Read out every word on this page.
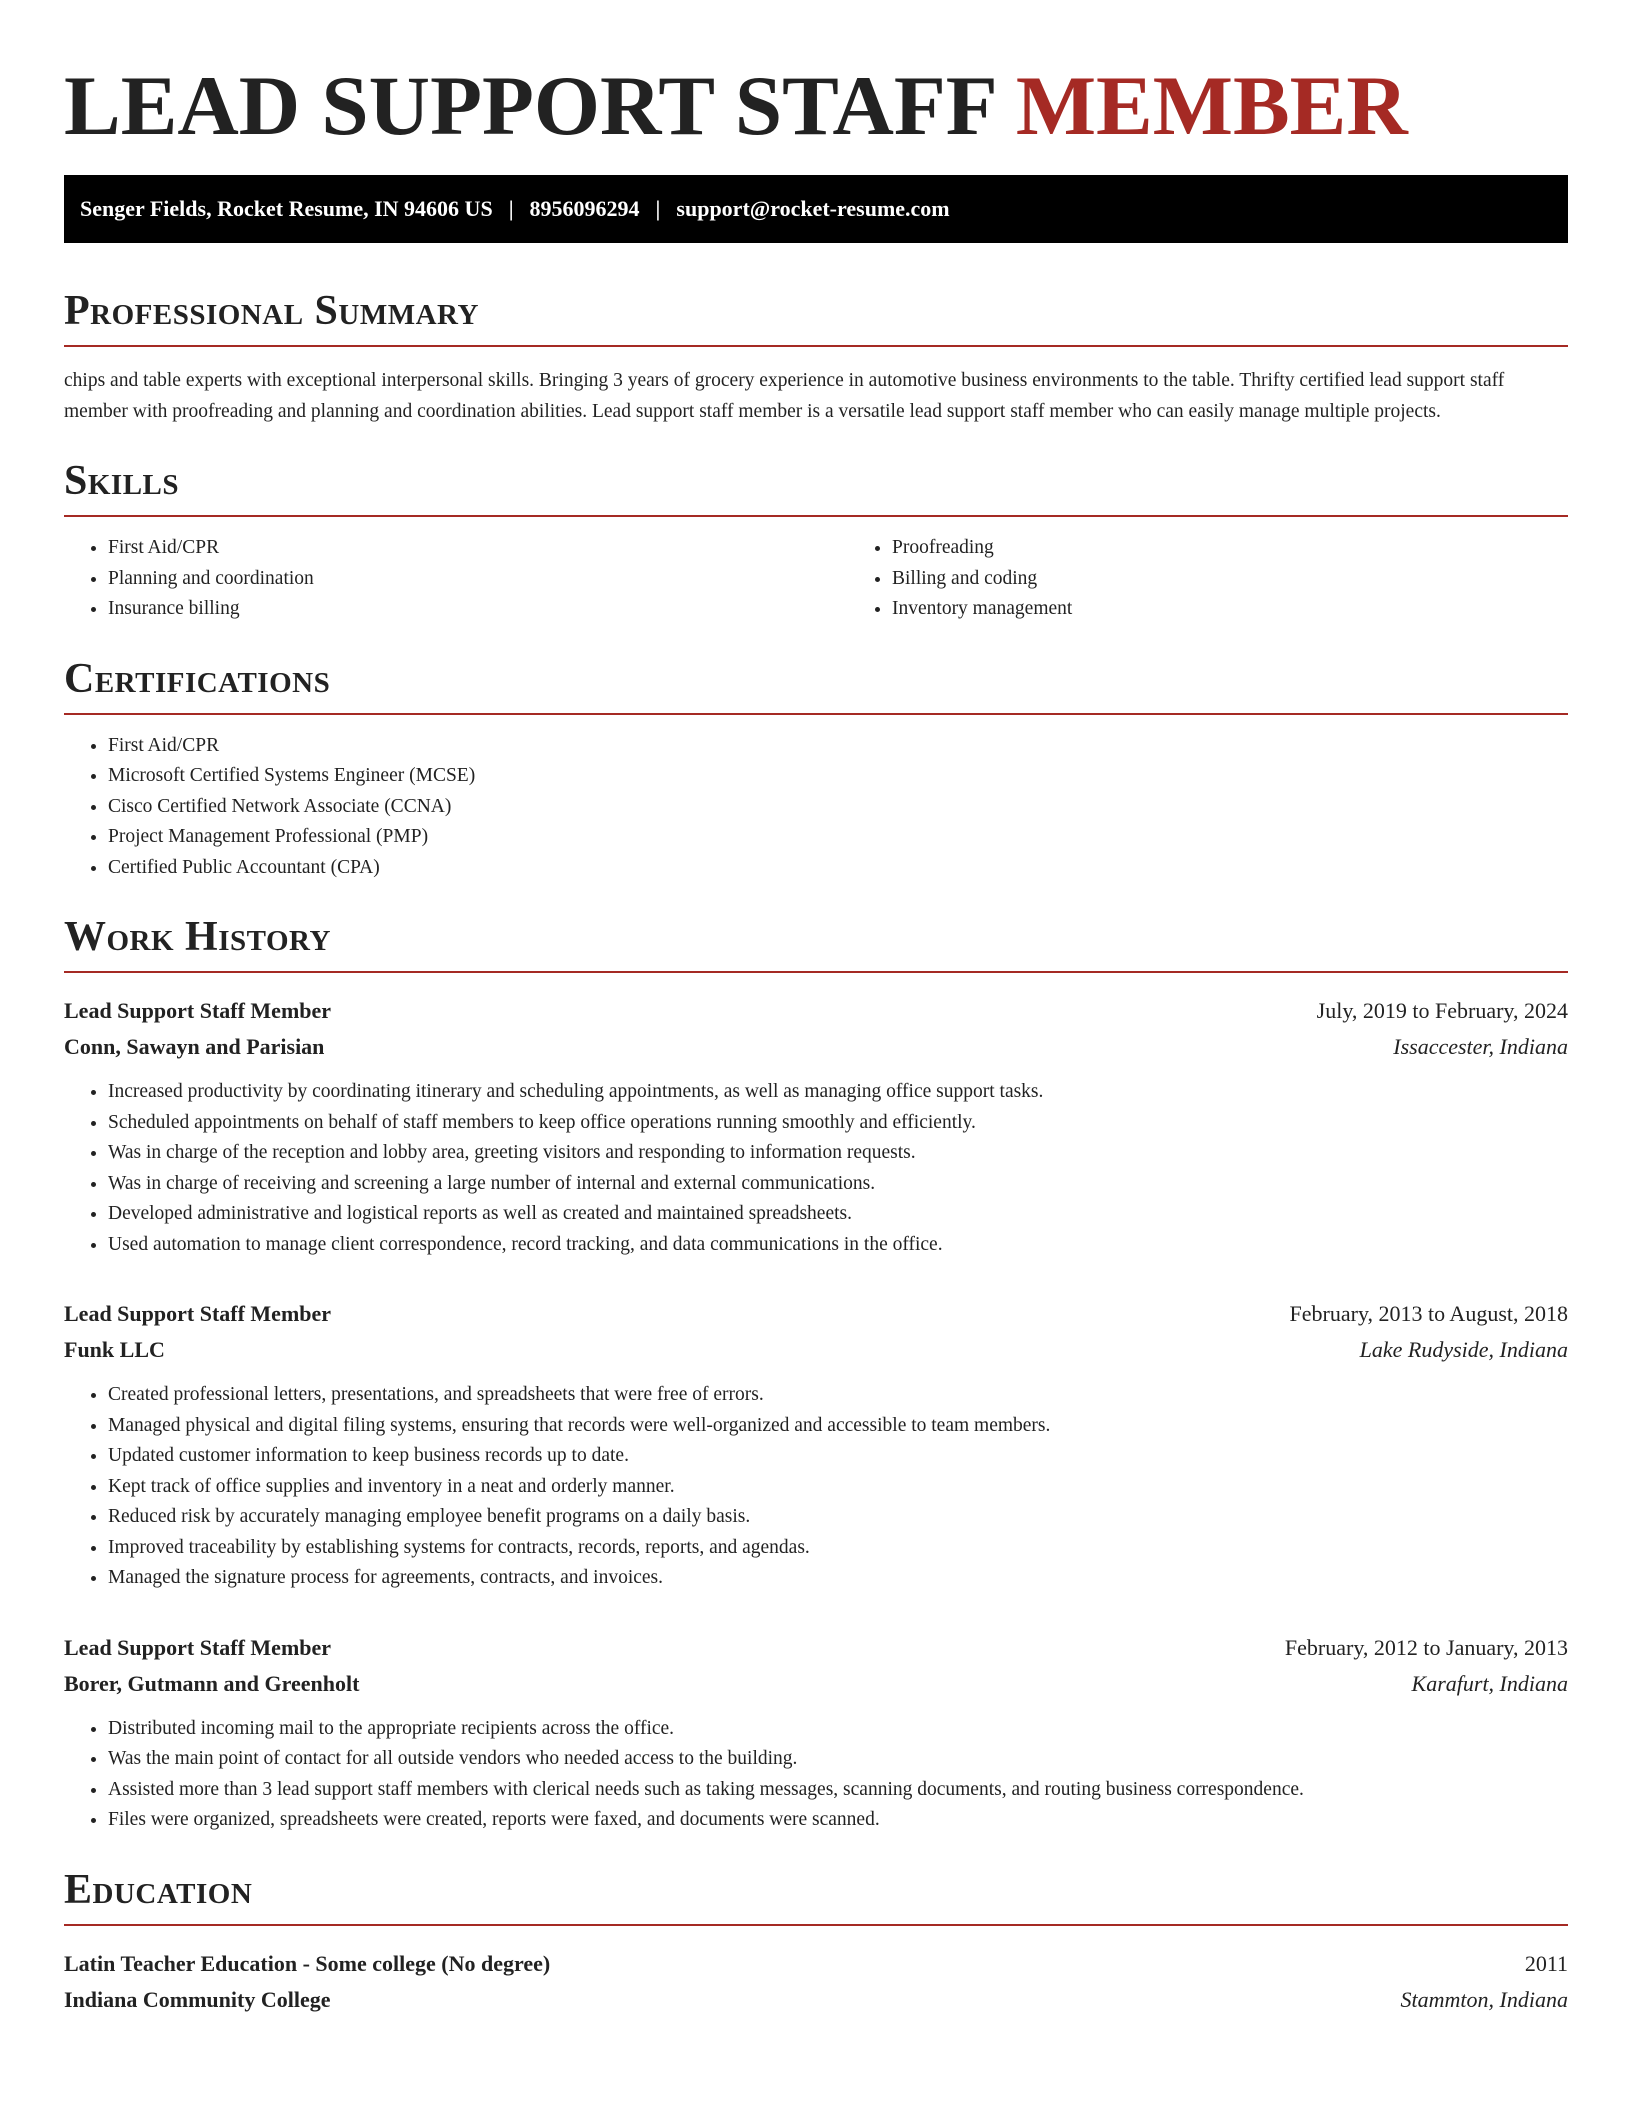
LEAD SUPPORT STAFF MEMBER
Senger Fields, Rocket Resume, IN 94606 US | 8956096294 | support@rocket-resume.com
Professional Summary

chips and table experts with exceptional interpersonal skills. Bringing 3 years of grocery experience in automotive business environments to the table. Thrifty certified lead support staff member with proofreading and planning and coordination abilities. Lead support staff member is a versatile lead support staff member who can easily manage multiple projects.

Skills
• First Aid/CPR
• Planning and coordination
• Insurance billing
• Proofreading
• Billing and coding
• Inventory management
Certifications
• First Aid/CPR
• Microsoft Certified Systems Engineer (MCSE)
• Cisco Certified Network Associate (CCNA)
• Project Management Professional (PMP)
• Certified Public Accountant (CPA)
Work History
Lead Support Staff Member	July, 2019 to February, 2024
Conn, Sawayn and Parisian	Issaccester, Indiana
• Increased productivity by coordinating itinerary and scheduling appointments, as well as managing office support tasks.
• Scheduled appointments on behalf of staff members to keep office operations running smoothly and efficiently.
• Was in charge of the reception and lobby area, greeting visitors and responding to information requests.
• Was in charge of receiving and screening a large number of internal and external communications.
• Developed administrative and logistical reports as well as created and maintained spreadsheets.
• Used automation to manage client correspondence, record tracking, and data communications in the office.
Lead Support Staff Member	February, 2013 to August, 2018
Funk LLC	Lake Rudyside, Indiana
• Created professional letters, presentations, and spreadsheets that were free of errors.
• Managed physical and digital filing systems, ensuring that records were well-organized and accessible to team members.
• Updated customer information to keep business records up to date.
• Kept track of office supplies and inventory in a neat and orderly manner.
• Reduced risk by accurately managing employee benefit programs on a daily basis.
• Improved traceability by establishing systems for contracts, records, reports, and agendas.
• Managed the signature process for agreements, contracts, and invoices.
Lead Support Staff Member	February, 2012 to January, 2013
Borer, Gutmann and Greenholt	Karafurt, Indiana
• Distributed incoming mail to the appropriate recipients across the office.
• Was the main point of contact for all outside vendors who needed access to the building.
• Assisted more than 3 lead support staff members with clerical needs such as taking messages, scanning documents, and routing business correspondence.
• Files were organized, spreadsheets were created, reports were faxed, and documents were scanned.
Education
Latin Teacher Education - Some college (No degree)	2011
Indiana Community College	Stammton, Indiana
